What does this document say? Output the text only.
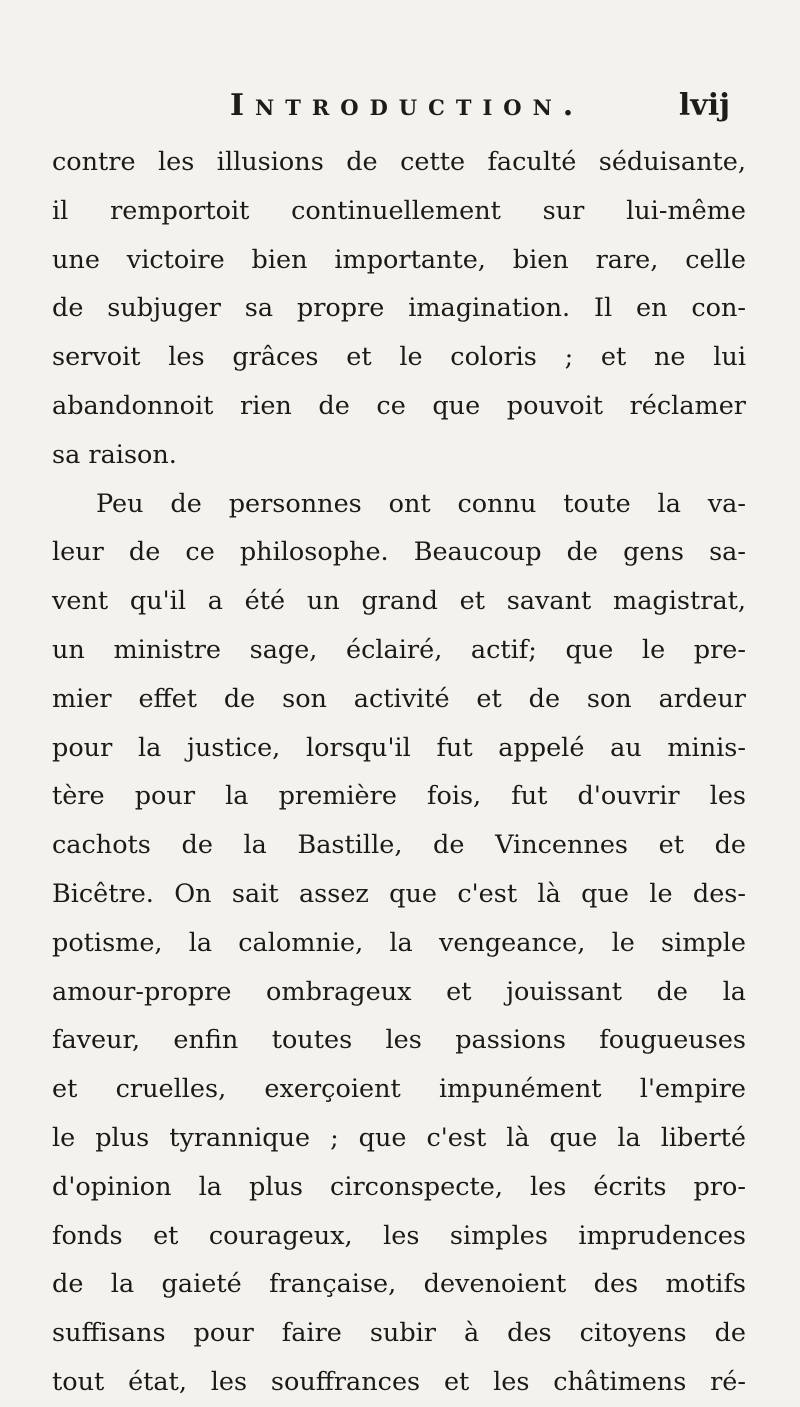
Introduction.	lvij
contre les illusions de cette faculté séduisante,
il remportoit continuellement sur lui-même
une victoire bien importante, bien rare, celle
de subjuger sa propre imagination. Il en con-
servoit les grâces et le coloris ; et ne lui
abandonnoit rien de ce que pouvoit réclamer
sa raison.
Peu de personnes ont connu toute la va-
leur de ce philosophe. Beaucoup de gens sa-
vent qu'il a été un grand et savant magistrat,
un ministre sage, éclairé, actif; que le pre-
mier effet de son activité et de son ardeur
pour la justice, lorsqu'il fut appelé au minis-
tère pour la première fois, fut d'ouvrir les
cachots de la Bastille, de Vincennes et de
Bicêtre. On sait assez que c'est là que le des-
potisme, la calomnie, la vengeance, le simple
amour-propre ombrageux et jouissant de la
faveur, enfin toutes les passions fougueuses
et cruelles, exerçoient impunément l'empire
le plus tyrannique ; que c'est là que la liberté
d'opinion la plus circonspecte, les écrits pro-
fonds et courageux, les simples imprudences
de la gaieté française, devenoient des motifs
suffisans pour faire subir à des citoyens de
tout état, les souffrances et les châtimens ré-
